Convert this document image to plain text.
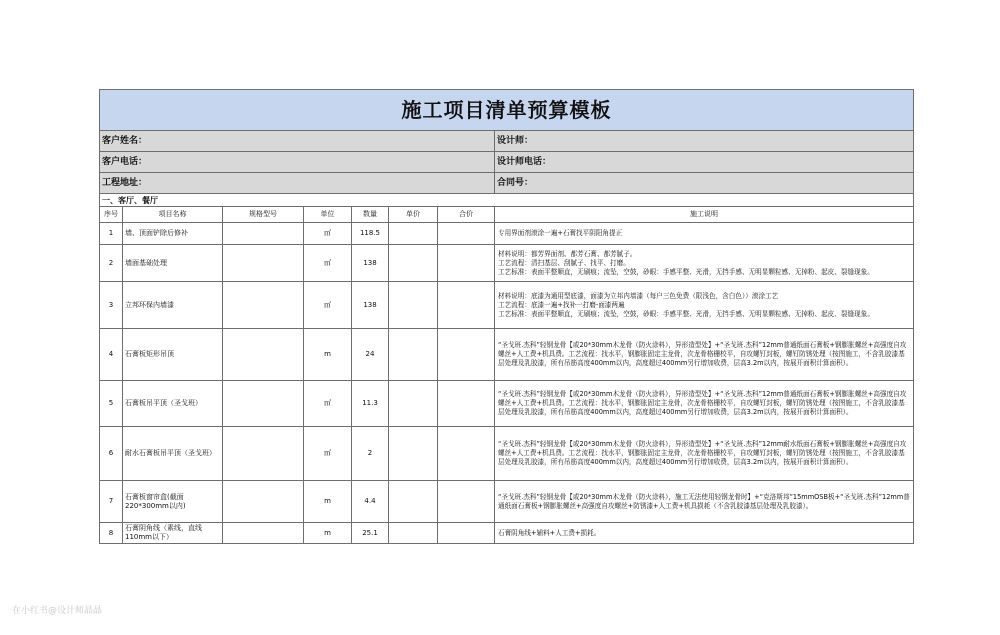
施工项目清单预算模板							
客户姓名：							设计师：
客户电话：							设计师电话：
工程地址：							合同号：
一、客厅、餐厅							
序号	项目名称	规格型号	单位	数量	单价	合价	施工说明
1	墙、顶面铲除后修补		㎡	118.5			专用界面剂滚涂一遍+石膏找平阴阳角提正
2	墙面基础处理		㎡	138			材料说明：都芳界面剂、都芳石膏、都芳腻子。
工艺流程：清扫基层、刮腻子、找平、打磨。
工艺标准：表面平整顺直，无刷痕；流坠，空鼓，砂眼：手感平整、光滑，无挡手感、无明显颗粒感、无掉粉、起皮、裂缝现象。
3	立邦环保内墙漆		㎡	138			材料说明：底漆为通用型底漆，面漆为立邦内墙漆（每户三色免费（限浅色，含白色））滚涂工艺
工艺流程：底漆一遍+找补一打磨-面漆两遍
工艺标准：表面平整顺直，无刷痕；流坠，空鼓，砂眼：手感平整、光滑，无挡手感、无明显颗粒感、无掉粉、起皮、裂缝现象。
4	石膏板矩形吊顶		m	24			“圣戈班.杰科”轻钢龙骨【或20*30mm木龙骨（防火涂料），异形造型处】+“圣戈班.杰科”12mm普通纸面石膏板+钢膨胀螺丝+高强度自攻螺丝+人工费+机具费。工艺流程：找水平，钢膨胀固定主龙骨，次龙骨格栅校平，自攻螺钉封板，螺钉防锈处理（按图施工，不含乳胶漆基层处理及乳胶漆，所有吊筋高度400mm以内，高度超过400mm另行增加收费，层高3.2m以内，按展开面积计算面积）。
5	石膏板吊平顶（圣戈班）		㎡	11.3			“圣戈班.杰科”轻钢龙骨【或20*30mm木龙骨（防火涂料），异形造型处】+“圣戈班.杰科”12mm普通纸面石膏板+钢膨胀螺丝+高强度自攻螺丝+人工费+机具费。工艺流程：找水平，钢膨胀固定主龙骨，次龙骨格栅校平，自攻螺钉封板，螺钉防锈处理（按图施工，不含乳胶漆基层处理及乳胶漆，所有吊筋高度400mm以内，高度超过400mm另行增加收费，层高3.2m以内，按展开面积计算面积）。
6	耐水石膏板吊平顶（圣戈班）		㎡	2			“圣戈班.杰科”轻钢龙骨【或20*30mm木龙骨（防火涂料），异形造型处】+“圣戈班.杰科”12mm耐水纸面石膏板+钢膨胀螺丝+高强度自攻螺丝+人工费+机具费。工艺流程：找水平，钢膨胀固定主龙骨，次龙骨格栅校平，自攻螺钉封板，螺钉防锈处理（按图施工，不含乳胶漆基层处理及乳胶漆，所有吊筋高度400mm以内，高度超过400mm另行增加收费，层高3.2m以内，按展开面积计算面积）。
7	石膏板窗帘盒(截面220*300mm以内)		m	4.4			“圣戈班.杰科”轻钢龙骨【或20*30mm木龙骨（防火涂料），施工无法使用轻钢龙骨时】+“克洛斯邦”15mmOSB板+“圣戈班.杰科”12mm普通纸面石膏板+钢膨胀螺丝+高强度自攻螺丝+防锈漆+人工费+机具损耗（不含乳胶漆基层处理及乳胶漆）。
8	石膏阴角线（素线，直线110mm以下）		m	25.1			石膏阴角线+辅料+人工费+损耗。
在小红书@设计师晶晶
